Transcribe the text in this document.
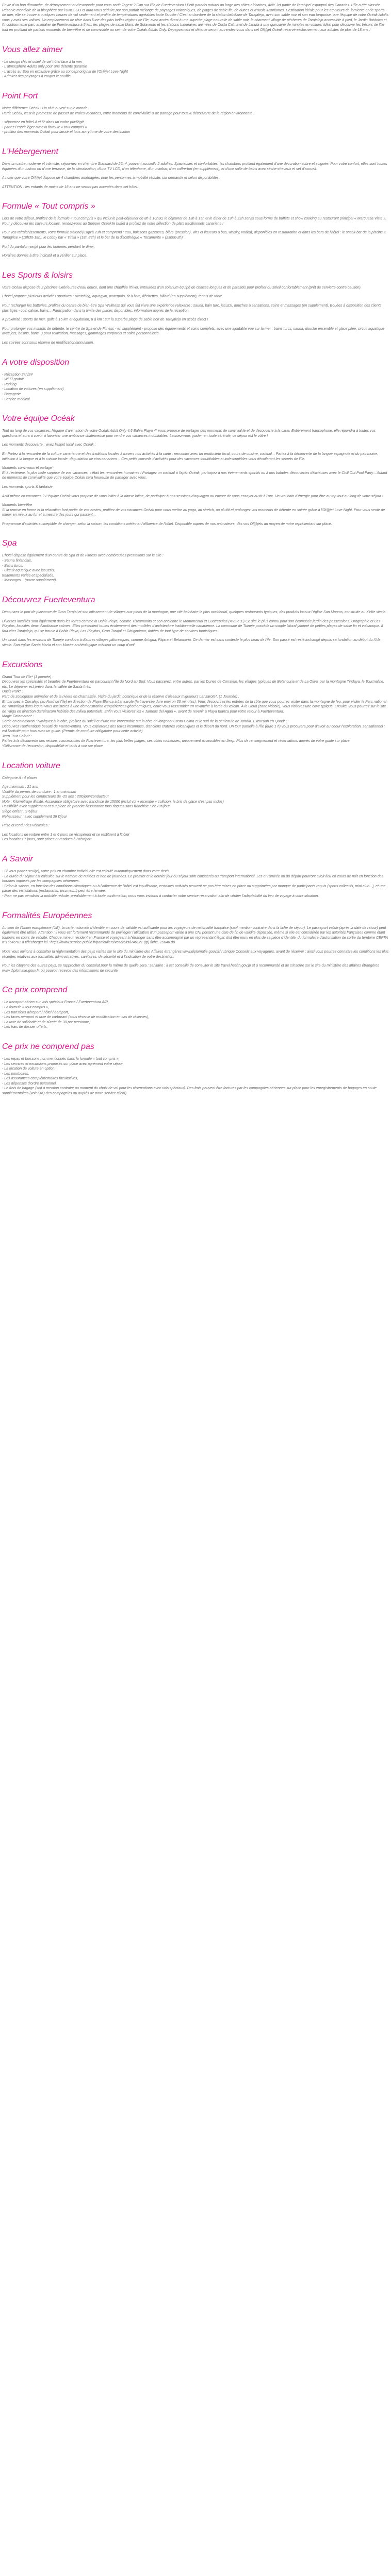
Envie d'un bon dîmanche, de dépaysement et d'escapade pour vous sortir Tegest ? Cap sur l'île de Fuerteventura ! Petit paradis naturel au large des côtes africaines, ANY Jet partie de l'archipel espagnol des Canaries. L'île a été classée Réserve mondiale de la biosphère par l'UNESCO et aura vous séduire par son parfait mélange de paysages volcaniques, de plages de sable fin, de dunes et d'oasis luxuriantes. Destination idéale pour les amateurs de farniente et de sports de mer, elle se trouve à quelques heures de vol seulement et profite de températures agréables toute l'année ! C'est en bordure de la station balnéaire de Tarajalejo, avec son sable noir et son eau turquoise, que l'équipe de votre Océak Adults vous y avait ses valises. Un emplacement de rêve dans l'une des plus belles régions de l'île, avec accès direct à une superbe plage naturelle de sable noir, la charmant village de pêcheurs de Tarajalejo accessible à pied, le Jardin Botánico et l'incontournable parc animalier de Fuerteventura à 5 km, les plages de sable blanc de Sotavento et les stations balnéaires animées de Costa Calma et de Jandía à une quinzaine de minutes en voiture. Idéal pour découvrir les trésors de l'île tout en profitant de parfaits moments de bien-être et de convivialité au sein de votre Océak Adults Only. Dépaysement et détente seront au rendez-vous dans cet Ol@jet Océak réservé exclusivement aux adultes de plus de 18 ans !

Vous allez aimer
- Le design chic et soleil de cet hôtel face à la mer
- L'atmosphère Adults only pour une détente garantie
- L'accès au Spa en exclusive grâce au concept original de l'Ol@jet Love Night
- Admirer des paysages à couper le souffle
Point Fort

Notre différence Océak : Un club ouvert sur le monde

Partir Océak, c'est la promesse de passer de vraies vacances, entre moments de convivialité & de partage pour tous & découverte de la région environnante :

- séjournez en hôtel 4 et 5* dans un cadre privilégié
- partez l'esprit léger avec la formule « tout compris »
- profitez des moments Océak pour laissé et tous au rythme de votre destination
L'Hébergement

Dans un cadre moderne et intimiste, séjournez en chambre Standard de 26m², pouvant accueillir 2 adultes. Spacieuses et confortables, les chambres profitent également d'une décoration sobre et soignée. Pour votre confort, elles sont toutes équipées d'un balcon ou d'une terrasse, de la climatisation, d'une TV LCD, d'un téléphone, d'un minibar, d'un coffre-fort (en supplément), et d'une salle de bains avec sèche-cheveux et set d'accueil.

A noter que votre Ol@jet dispose de 4 chambres aménagées pour les personnes à mobilité réduite, sur demande et selon disponibilités.

ATTENTION : les enfants de moins de 18 ans ne seront pas acceptés dans cet hôtel.

Formule « Tout compris »

Lors de votre séjour, profitez de la formule « tout compris » qui inclut le petit-déjeuner de 8h à 10h30, le déjeuner de 13h à 15h et le dîner de 19h à 22h servis sous forme de buffets et show cooking au restaurant principal « Marquesa Vista ». Pour y découvrir les saveurs locales, rendez-vous au Snipper Océak'le buffet à profitez de notre sélection de plats traditionnels canariens !

Pour vos rafraîchissements, votre formule s'étend jusqu'à 23h et comprend : eau, boissons gazeuses, bière (pression), vins et liqueurs à bas, whisky, vodka), disponibles en restauration et dans les bars de l'hôtel : le snack-bar de la piscine « Tanagrise » (10h30-18h), le Lobby bar « Tiritia » (18h-23h) et le bar de la discothèque « Tocamente » (23h00-2h).

Port du pantalon exigé pour les hommes pendant le dîner.

Horaires donnés à titre indicatif et à vérifier sur place.

Les Sports & loisirs

Votre Océak dispose de 2 piscines extérieures d'eau douce, dont une chauffée l'hiver, entourées d'un solarium équipé de chaises longues et de parasols pour profiter du soleil confortablement (prêt de serviette contre caution).

L'hôtel propose plusieurs activités sportives : stretching, aquagym, waterpolo, tir à l'arc, fléchettes, billard (en supplément), tennis de table.

Pour recharger les batteries, profitez du centre de bien-être Spa Wellness qui vous fait vivre une expérience relaxante : sauna, bain turc, jacuzzi, douches à sensations, soins et massages (en supplément). Bouées à disposition des clients plus âgés - coin calme, bains... Participation dans la limite des places disponibles, information auprès de la réception.

A proximité : sports de mer, golfs à 15 km et équitation, 8 à km : sur la superbe plage de sable noir de Tarajalejo en accès direct !

Pour prolonger vos instants de détente, le centre de Spa et de Fitness - en supplément - propose des équipements et soins complets, avec une ajoutable vue sur la mer : bains turcs, sauna, douche ensemble et glace pilée, circuit aquatique avec jets, basins, banc...) pour relaxation, massages, gommages corporels et soins personnalisés.

Les soirées sont sous réserve de modification/annulation.

A votre disposition
- Réception 24h/24
- Wi-Fi gratuit
- Parking
- Location de voitures (en supplément)
- Bagagerie
- Service médical
Votre équipe Océak

Tout au long de vos vacances, l'équipe d'animation de votre Océak Adult Only 4.5 Bahia Playa 4* vous propose de partager des moments de convivialité et de découverte à la carte. Entièrement francophone, elle répondra à toutes vos questions et aura à coeur à favoriser une ambiance chaleureuse pour rendre vos vacances inoubliables. Laissez-vous guider, en toute sérénité, ce séjour est le vôtre !

Les moments découverte : vivez l'esprit local avec Océak :

En Partez à la rencontre de la culture canarienne et des traditions locales à travers nos activités à la carte : rencontre avec un producteur local, cours de cuisine, cocktail... Partez à la découverte de la langue espagnole et du patrimoine, initiation à la langue et à la cuisine locale. dégustation de vins canariens... Ces petits conseils d'activités pour des vacances inoubliables et indescriptibles vous dévoileront les secrets de l'île.

Moments conviviaux et partage*

Et à l'extérieur, la plus belle surprise de vos vacances, c'était les rencontres humaines ! Partagez un cocktail à l'apéri'Océak, participez à nos évènements sportifs ou à nos balades découvertes délicieuses avec le Chill Out Pool Party... Autant de moments de convivialité que votre équipe Océak sera heureuse de partager avec vous.

Les moments sports & fantaisie

Actif même en vacances ? L'équipe Océak vous propose de vous initier à la danse latine, de participer à nos sessions d'aquagym ou encore de vous essayer au tir à l'arc. Un vrai bain d'énergie pour être au top tout au long de votre séjour !

Moments bien-être

Si la remise en forme et la relaxation font partie de vos envies, profitez de vos vacances Océak pour vous mettre au yoga, au stretch, ou plutôt et prolongez vos moments de détente en soirée grâce à l'Ol@jet Love Night. Pour vous sentir de mieux en mieux au fur et à mesure des jours qui passent...

Programme d'activités susceptible de changer, selon la saison, les conditions météo et l'affluence de l'hôtel. Disponible auprès de nos animateurs, dès vos Ol@jets au moyen de notre représentant sur place.

Spa

L'hôtel dispose également d'un centre de Spa et de Fitness avec nombreuses prestations sur le site :

- Sauna finlandais,
- Bains turcs,
- Circuit aquatique avec jacuzzis,
traitements variés et spécialisés,
- Massages... (ouvre supplément)
Découvrez Fuerteventura

Découvrez le port de plaisance de Gran Tarajal et son lotissement de villages aux pieds de la montagne, une cité balnéaire le plus occidental, quelques restaurants typiques, des produits locaux l'église San Marcos, construite au XVIIe siècle.

Diverses localités sont également dans les terres comme la Bahia Playa, comme Tiscamanita et son ancienne le Monumental et Cuatrepulas (XVIIIe s.) Ce site le plus connu pour son écomusée jardin des possessions. Orographie et Las Playitas, localités deux d'ambiance calmes. Elles présentent toutes évidemment des modèles d'architecture traditionnelle canarienne. La commune de Tuineje possède un simple littoral jalonné de petites plages de sable fin et volcanique. Il faut citer Tarajalejo, qui se trouve à Bahia Playa, Las Playitas, Gran Tarajal et Giniginámar, dotées de tout type de services touristiques.

Un circuit dans les environs de Tuineje conduira à d'autres villages pittoresques, comme Antigua, Pájara et Betancuria. Ce dernier est sans conteste le plus beau de l'île. Son passé est resté inchangé depuis sa fondation au début du XVe siècle. Son église Santa María et son Musée archéologique méritent un coup d'oeil.

Excursions

Grand Tour de l'île* (1 journée) :

Découvrez les spécialités et beautés de Fuerteventura en parcourant l'île du Nord au Sud. Vous passerez, entre autres, par les Dunes de Corralejo, les villages typiques de Betancuria et de La Oliva, par la montagne Tindaya, le Tourmaline, etc. Le déjeuner est prévu dans la vallée de Santa Inés.

Oasis Park* :

Parc de zoologique animalier et de la riviera en charnassie. Visite du jardin botanique et de la réserve d'oiseaux migrateurs Lanzarote*, (1 Journée) :

Embarquez à Corralejo (au Nord de l'île) en direction de Playa Blanca à Lanzarote (la traversée dure environ 30 minutes). Vous découvrirez les entrées de la côte que vous pourrez visiter dans la montagne de feu, pour visiter le Parc national de Timanfaya dans lequel vous assisterez à une démonstration d'expériences géothermiques, entre vous rassembler en revanche à l'orée du volcan. À la Geria (zone viticole), vous visiterez une cave typique. Ensuite, vous pourrez sur le site de Yaiga en direction d'Ereiracom habitée des milieu potentiels. Enfin vous visiterez les « Jameos del Agua », avant de revenir à Playa Blanca pour votre retour à Fuerteventura.

Magic Catamaran* :

Sortie en catamaran : Naviguez à la côte, profitez du soleil et d'une vue imprenable sur la côte en longeant Costa Calma et le sud de la péninsule de Jandía. Excursion en Quad* :

Découvrez l'authentique beauté de Fuerteventura. Vous explorerez des terres inconnues, d'anciens cratères volcaniques et le désert du nord. Un tour partielle à l'île (dure 1 h) vous procurera pour d'avoir au coeur l'exploration, sensationnel : est l'activité pour tous avec un guide. (Permis de conduire obligatoire pour cette activité)

Jeep Tour Safari* :

Partez à la découverte des recoins inaccessibles de Fuerteventura, les plus belles plages, ses côtes rocheuses, uniquement accessibles en Jeep. Plus de renseignement et réservations auprès de votre guide sur place.

*Délivrance de l'excursion, disponibilité et tarifs à voir sur place.

Location voiture

Catégorie A : 4 places

Age minimum : 21 ans

Validité du permis de conduire : 1 an minimum

Supplément pour les conducteurs de -25 ans : 20€/jour/conducteur

Note : Kilométrage illimité. Assurance obligatoire avec franchise de 1500€ (inclut vol + incendie + collision, le bris de glace n'est pas inclus)

Possibilité avec supplément et sur place de prendre l'assurance tous risques sans franchise : 22,70€/jour

Siège enfant : 9 €/jour

Rehausseur : avec supplément 36 €/jour

Prise et rendu des véhicules :

Les locations de voiture entre 1 et 6 jours se récupèrent et se restituent à l'hôtel

Les locations 7 jours, sont prises et rendues à l'aéroport

A Savoir

- Si vous partez seul(e), votre prix en chambre individuelle est calculé automatiquement dans votre devis.

- La durée du séjour est calculée sur le nombre de nuitées et non de journées. Le premier et le dernier jour du séjour sont consacrés au transport international. Les et l'arrivée ou du départ pourront avoir lieu en cours de nuit en fonction des horaires imposés par les compagnies aériennes.

- Selon la saison, en fonction des conditions climatiques ou à l'affluence de l'hôtel est insuffisante, certaines activités peuvent ne pas être mises en place ou supprimées par manque de participants requis (sports collectifs, mini club...), et une partie des installations (restaurants, piscines...) peut être fermée.

- Pour ne pas pénaliser la mobilité réduite, préalablement à toute confirmation, nous vous invitons à contacter notre service réservation afin de vérifier l'adaptabilité du lieu de voyage à votre situation.

Formalités Européennes

Au sein de l'Union européenne (UE), la carte nationale d'identité en cours de validité est suffisante pour les voyageurs de nationalité française (sauf mention contraire dans la fiche de séjour). Le passeport valide (après la date de retour) peut également être utilisé. Attention : il vous est fortement recommandé de privilégier l'utilisation d'un passeport valide à une CNI portant une date de fin de validité dépassée, même si elle est considérée par les autorités françaises comme étant toujours en cours de validité. Chaque mineur résident en France et voyageant à l'étranger sans être accompagné par un représentant légal, doit être muni en plus de sa pièce d'identité, du formulaire d'autorisation de sortie du territoire CERFA n°15646*01 à télécharger ici : https://www.service-public.fr/particuliers/vosdroits/R46121 (gt) fiche, 15646.do

Nous vous invitons à consulter la réglementation des pays visités sur le site du ministère des Affaires étrangères www.diplomatie.gouv.fr/ rubrique Conseils aux voyageurs, avant de réserver : ainsi vous pourrez connaître les conditions les plus récentes relatives aux formalités administratives, sanitaires, de sécurité et à l'indication de votre destination.

Pour les citoyens des autres pays, se rapprocher du consulat pour la même de quelle sera : sanitaire : il est conseillé de consulter le site travel.health.gov.jp et à recommandé et de s'inscrire sur le site du ministère des affaires étrangères www.diplomatie.gouv.fr, où pouvoir recevoir des informations de sécurité.

Ce prix comprend
- Le transport aérien sur vols spéciaux France / Fuerteventura A/R,
- La formule « tout compris »,
- Les transferts aéroport / hôtel / aéroport,
- Les taxes aéroport et taxe de carburant (sous réserve de modification en cas de réserves),
- La taxe de solidarité et de sûreté de 30 par personne,
- Les frais de dossier offerts.
Ce prix ne comprend pas
- Les repas et boissons non mentionnés dans la formule « tout compris »,
- Les services et excursions proposés sur place avec agrément votre séjour,
- La location de voiture en option,
- Les pourboires,
- Les assurances complémentaires facultatives,
- Les dépenses d'ordre personnel,
- Le frais de bagage (soit à mention contraire au moment du choix de vol pour les réservations avec vols spéciaux). Des frais peuvent être facturés par les compagnies aériennes sur place pour les enregistrements de bagages en soute supplémentaires (voir FAQ des compagnies ou auprès de notre service client).
